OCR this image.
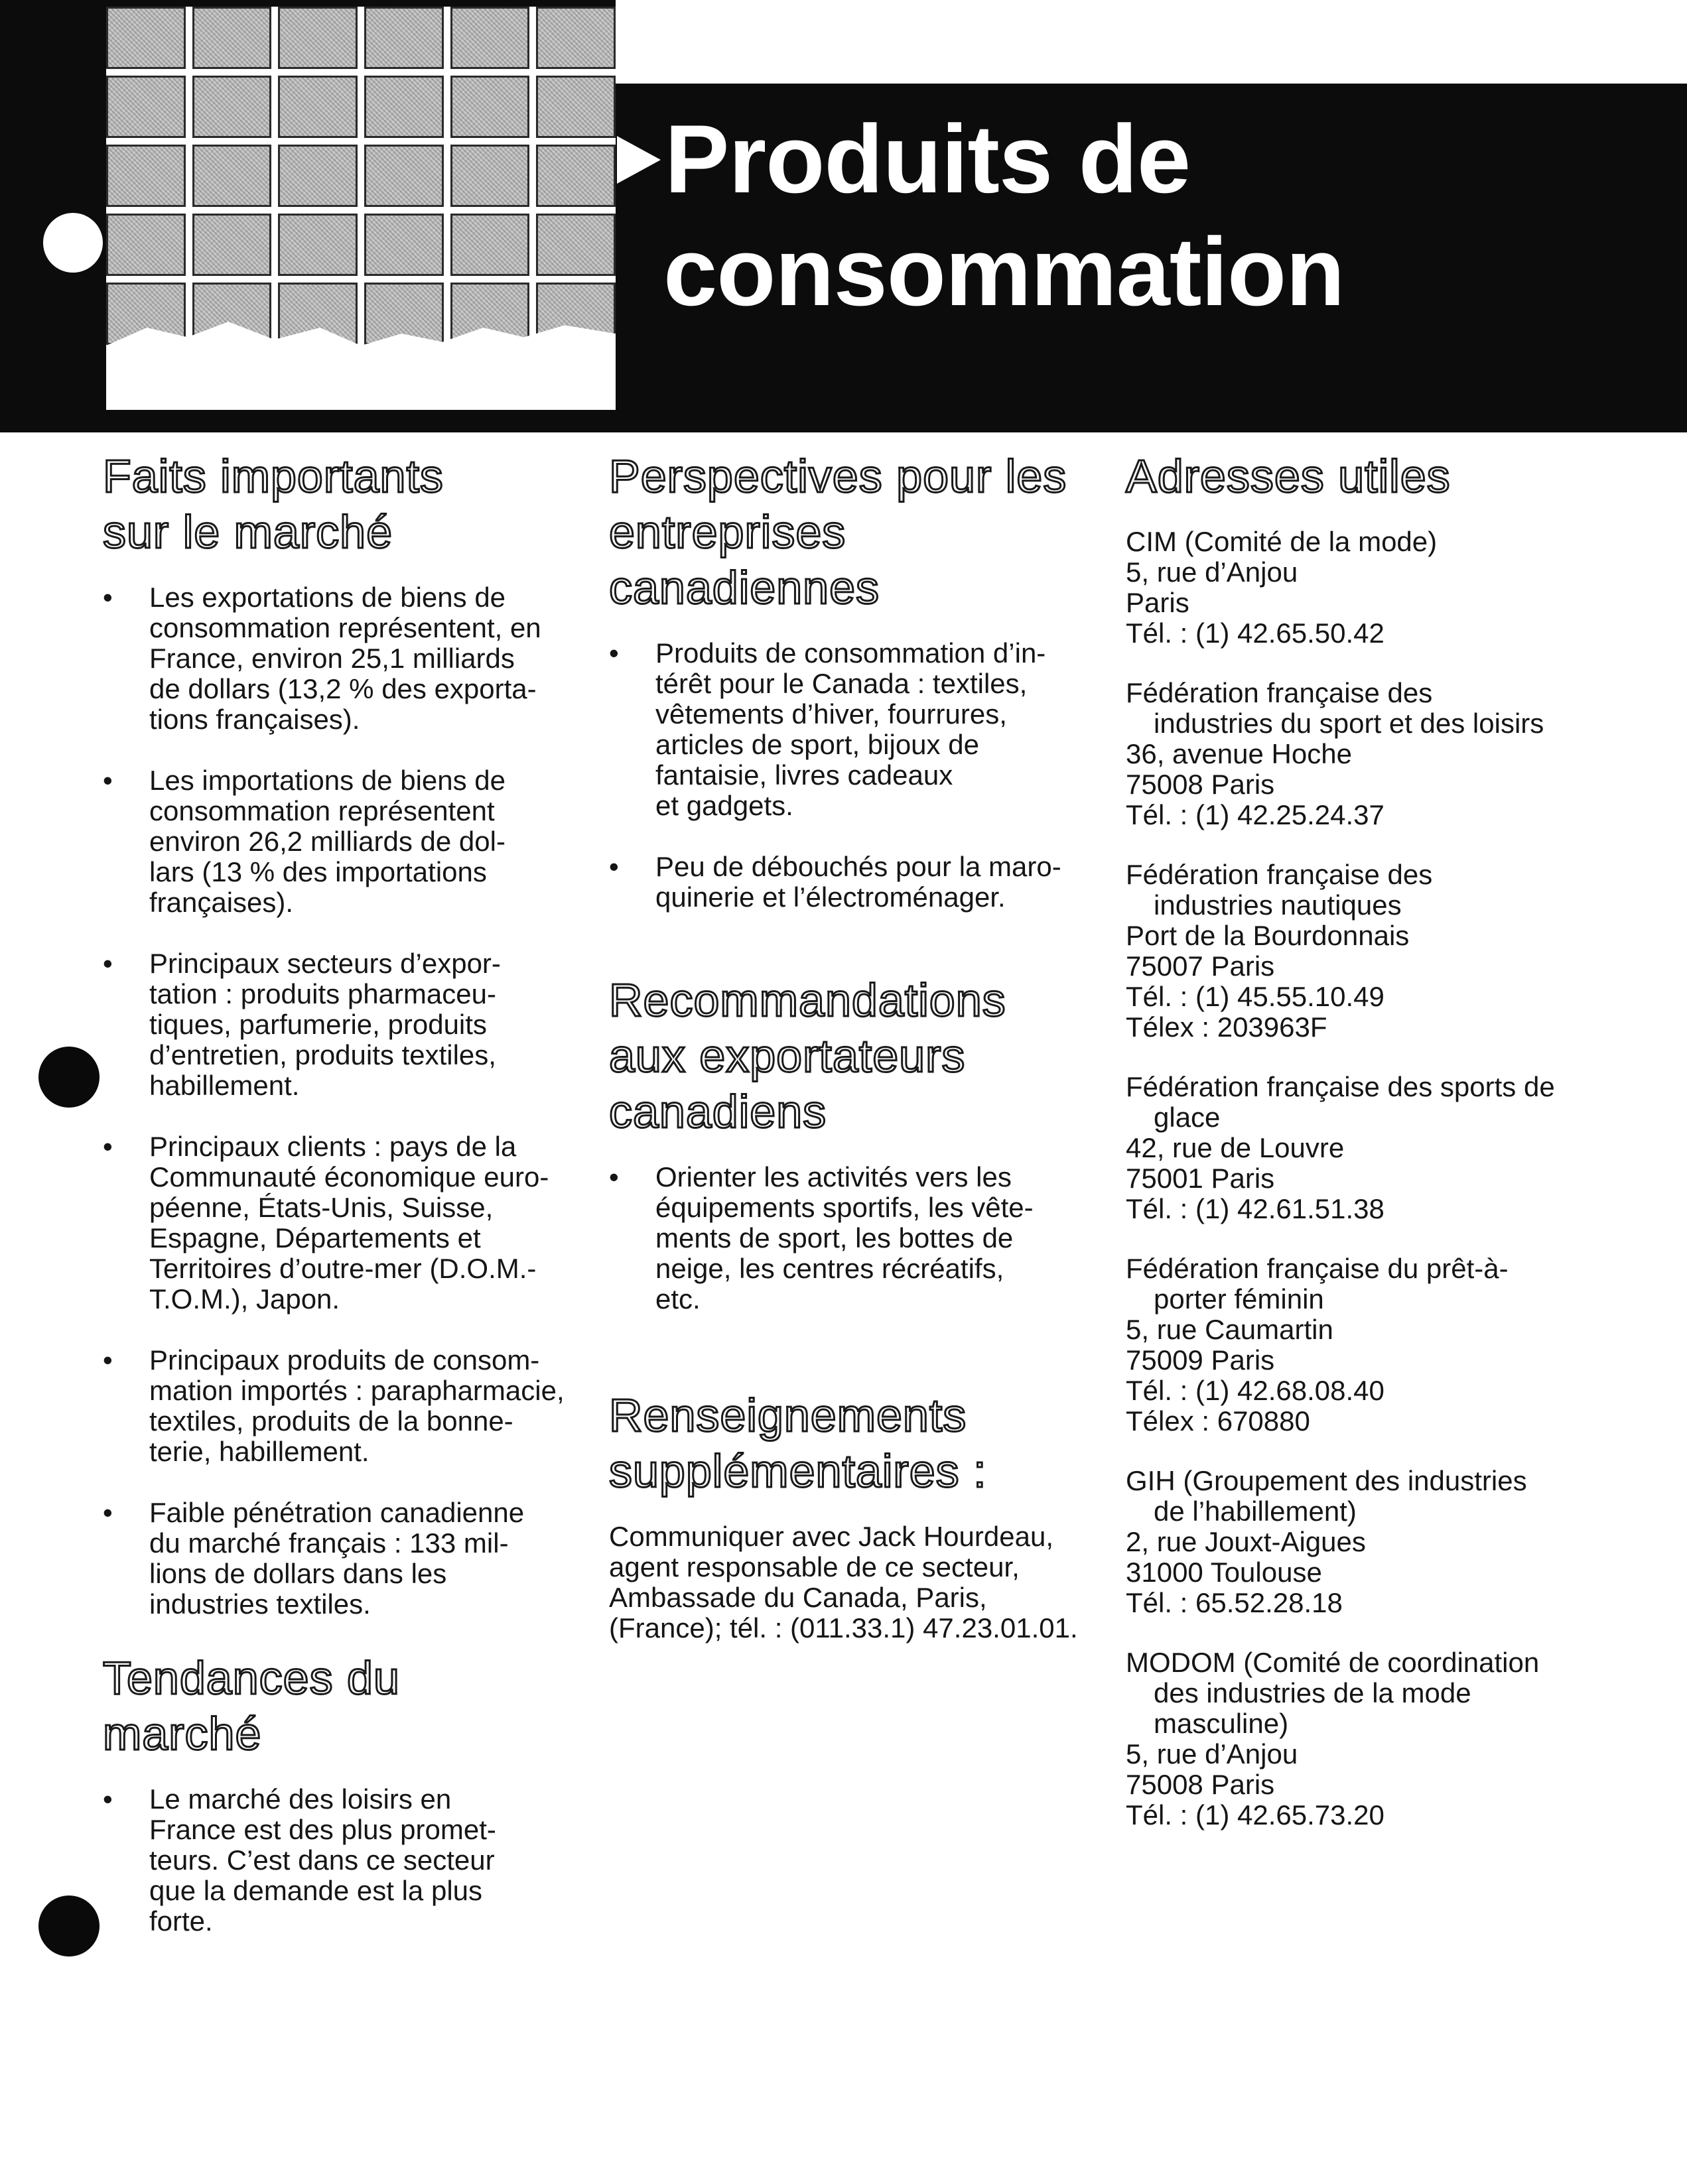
Produits de
consommation
Faits importants
sur le marché
• Les exportations de biens de
consommation représentent, en
France, environ 25,1 milliards
de dollars (13,2 % des exporta-
tions françaises).
• Les importations de biens de
consommation représentent
environ 26,2 milliards de dol-
lars (13 % des importations
françaises).
• Principaux secteurs d’expor-
tation : produits pharmaceu-
tiques, parfumerie, produits
d’entretien, produits textiles,
habillement.
• Principaux clients : pays de la
Communauté économique euro-
péenne, États-Unis, Suisse,
Espagne, Départements et
Territoires d’outre-mer (D.O.M.-
T.O.M.), Japon.
• Principaux produits de consom-
mation importés : parapharmacie,
textiles, produits de la bonne-
terie, habillement.
• Faible pénétration canadienne
du marché français : 133 mil-
lions de dollars dans les
industries textiles.
Tendances du
marché
• Le marché des loisirs en
France est des plus promet-
teurs. C’est dans ce secteur
que la demande est la plus
forte.
Perspectives pour les
entreprises
canadiennes
• Produits de consommation d’in-
térêt pour le Canada : textiles,
vêtements d’hiver, fourrures,
articles de sport, bijoux de
fantaisie, livres cadeaux
et gadgets.
• Peu de débouchés pour la maro-
quinerie et l’électroménager.
Recommandations
aux exportateurs
canadiens
• Orienter les activités vers les
équipements sportifs, les vête-
ments de sport, les bottes de
neige, les centres récréatifs,
etc.
Renseignements
supplémentaires :
Communiquer avec Jack Hourdeau,
agent responsable de ce secteur,
Ambassade du Canada, Paris,
(France); tél. : (011.33.1) 47.23.01.01.
Adresses utiles
CIM (Comité de la mode)
5, rue d’Anjou
Paris
Tél. : (1) 42.65.50.42
Fédération française des
industries du sport et des loisirs
36, avenue Hoche
75008 Paris
Tél. : (1) 42.25.24.37
Fédération française des
industries nautiques
Port de la Bourdonnais
75007 Paris
Tél. : (1) 45.55.10.49
Télex : 203963F
Fédération française des sports de
glace
42, rue de Louvre
75001 Paris
Tél. : (1) 42.61.51.38
Fédération française du prêt-à-
porter féminin
5, rue Caumartin
75009 Paris
Tél. : (1) 42.68.08.40
Télex : 670880
GIH (Groupement des industries
de l’habillement)
2, rue Jouxt-Aigues
31000 Toulouse
Tél. : 65.52.28.18
MODOM (Comité de coordination
des industries de la mode
masculine)
5, rue d’Anjou
75008 Paris
Tél. : (1) 42.65.73.20
